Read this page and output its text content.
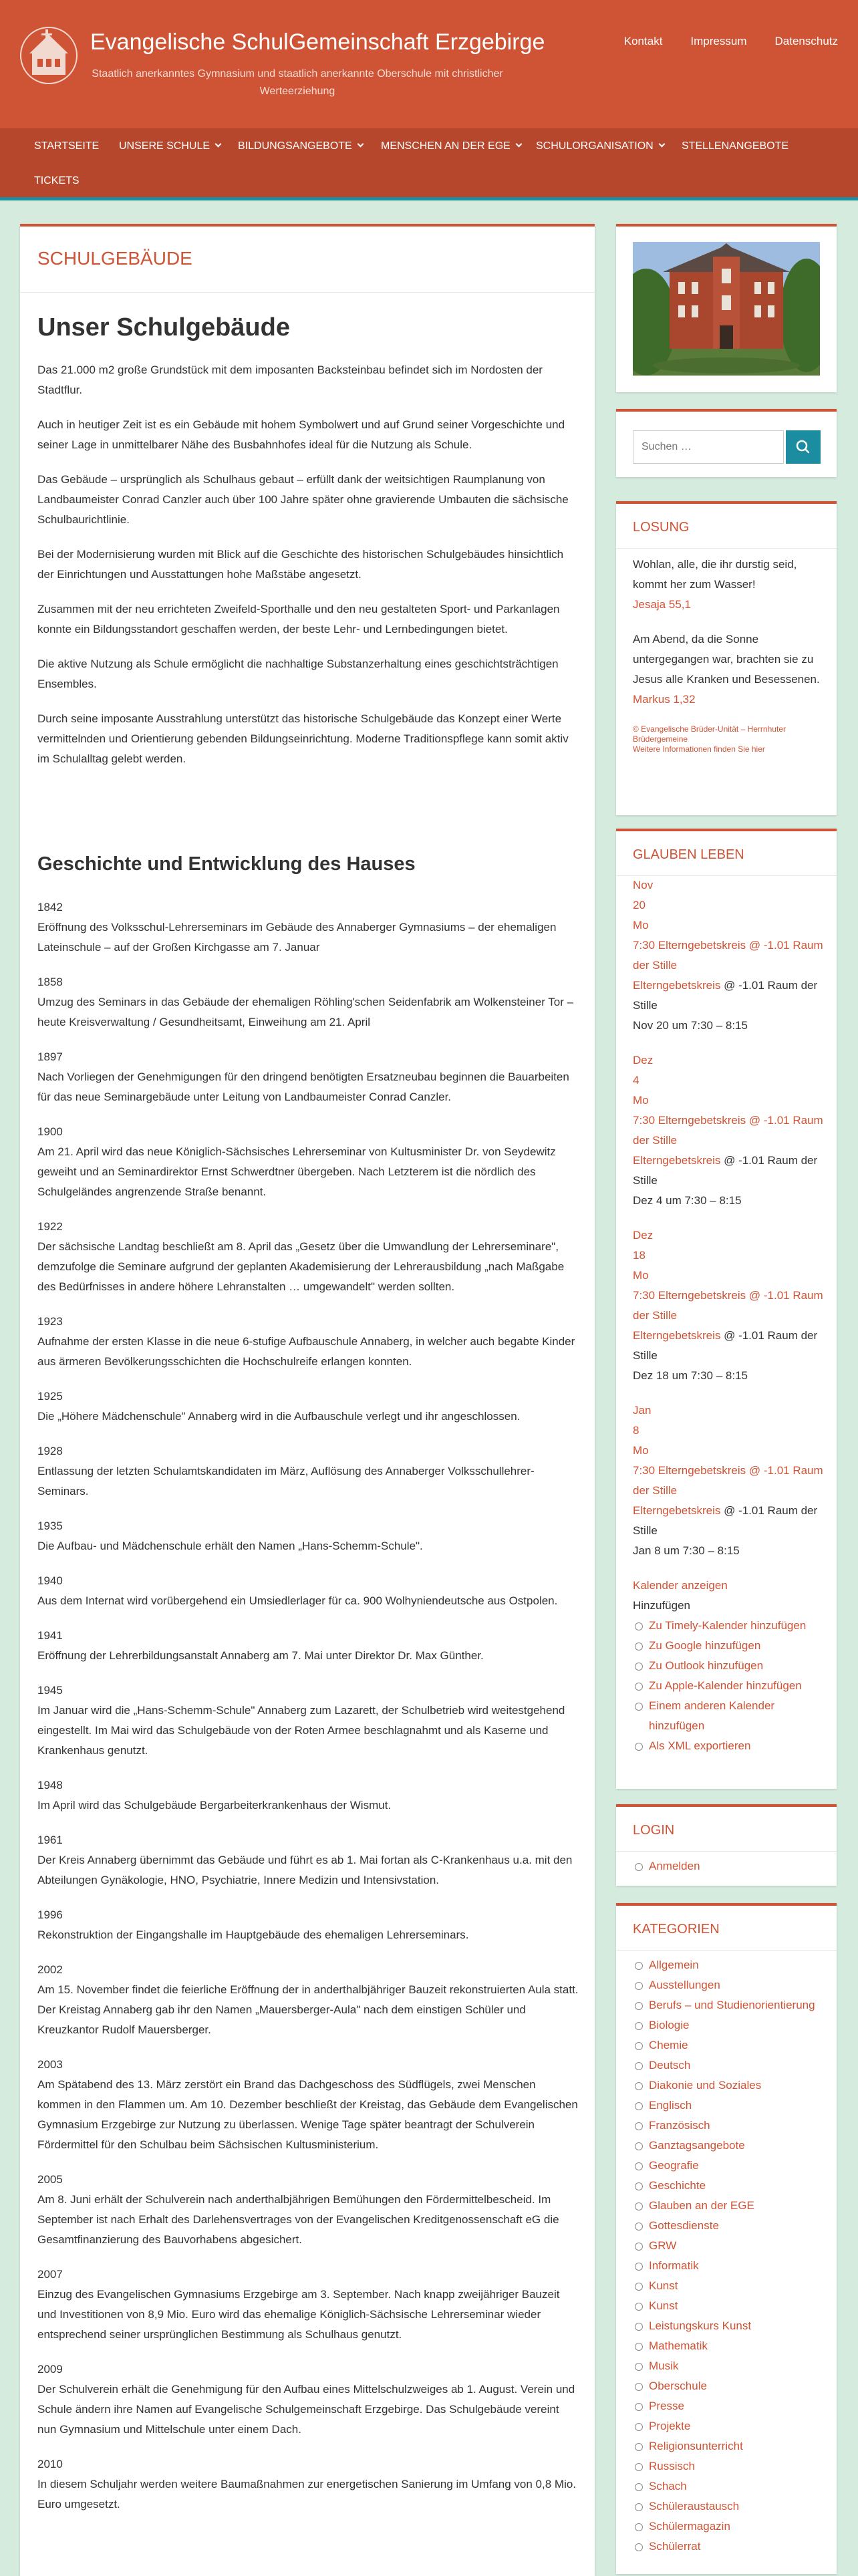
Evangelische SchulGemeinschaft Erzgebirge
Staatlich anerkanntes Gymnasium und staatlich anerkannte Oberschule mit christlicher Werteerziehung
Kontakt Impressum Datenschutz
STARTSEITE UNSERE SCHULE	BILDUNGSANGEBOTE	MENSCHEN AN DER EGE	SCHULORGANISATION	STELLENANGEBOTE
TICKETS
SCHULGEBÄUDE
Unser Schulgebäude

Das 21.000 m2 große Grundstück mit dem imposanten Backsteinbau befindet sich im Nordosten der Stadtflur.

Auch in heutiger Zeit ist es ein Gebäude mit hohem Symbolwert und auf Grund seiner Vorgeschichte und seiner Lage in unmittelbarer Nähe des Busbahnhofes ideal für die Nutzung als Schule.

Das Gebäude – ursprünglich als Schulhaus gebaut – erfüllt dank der weitsichtigen Raumplanung von Landbaumeister Conrad Canzler auch über 100 Jahre später ohne gravierende Umbauten die sächsische Schulbaurichtlinie.

Bei der Modernisierung wurden mit Blick auf die Geschichte des historischen Schulgebäudes hinsichtlich der Einrichtungen und Ausstattungen hohe Maßstäbe angesetzt.

Zusammen mit der neu errichteten Zweifeld-Sporthalle und den neu gestalteten Sport- und Parkanlagen konnte ein Bildungsstandort geschaffen werden, der beste Lehr- und Lernbedingungen bietet.

Die aktive Nutzung als Schule ermöglicht die nachhaltige Substanzerhaltung eines geschichtsträchtigen Ensembles.

Durch seine imposante Ausstrahlung unterstützt das historische Schulgebäude das Konzept einer Werte vermittelnden und Orientierung gebenden Bildungseinrichtung. Moderne Traditionspflege kann somit aktiv im Schulalltag gelebt werden.

Geschichte und Entwicklung des Hauses
1842
Eröffnung des Volksschul-Lehrerseminars im Gebäude des Annaberger Gymnasiums – der ehemaligen Lateinschule – auf der Großen Kirchgasse am 7. Januar
1858
Umzug des Seminars in das Gebäude der ehemaligen Röhling'schen Seidenfabrik am Wolkensteiner Tor – heute Kreisverwaltung / Gesundheitsamt, Einweihung am 21. April
1897
Nach Vorliegen der Genehmigungen für den dringend benötigten Ersatzneubau beginnen die Bauarbeiten für das neue Seminargebäude unter Leitung von Landbaumeister Conrad Canzler.
1900
Am 21. April wird das neue Königlich-Sächsisches Lehrerseminar von Kultusminister Dr. von Seydewitz geweiht und an Seminardirektor Ernst Schwerdtner übergeben. Nach Letzterem ist die nördlich des Schulgeländes angrenzende Straße benannt.
1922
Der sächsische Landtag beschließt am 8. April das „Gesetz über die Umwandlung der Lehrerseminare", demzufolge die Seminare aufgrund der geplanten Akademisierung der Lehrerausbildung „nach Maßgabe des Bedürfnisses in andere höhere Lehranstalten … umgewandelt" werden sollten.
1923
Aufnahme der ersten Klasse in die neue 6-stufige Aufbauschule Annaberg, in welcher auch begabte Kinder aus ärmeren Bevölkerungsschichten die Hochschulreife erlangen konnten.
1925
Die „Höhere Mädchenschule" Annaberg wird in die Aufbauschule verlegt und ihr angeschlossen.
1928
Entlassung der letzten Schulamtskandidaten im März, Auflösung des Annaberger Volksschullehrer-Seminars.
1935
Die Aufbau- und Mädchenschule erhält den Namen „Hans-Schemm-Schule".
1940
Aus dem Internat wird vorübergehend ein Umsiedlerlager für ca. 900 Wolhyniendeutsche aus Ostpolen.
1941
Eröffnung der Lehrerbildungsanstalt Annaberg am 7. Mai unter Direktor Dr. Max Günther.
1945
Im Januar wird die „Hans-Schemm-Schule" Annaberg zum Lazarett, der Schulbetrieb wird weitestgehend eingestellt. Im Mai wird das Schulgebäude von der Roten Armee beschlagnahmt und als Kaserne und Krankenhaus genutzt.
1948
Im April wird das Schulgebäude Bergarbeiterkrankenhaus der Wismut.
1961
Der Kreis Annaberg übernimmt das Gebäude und führt es ab 1. Mai fortan als C-Krankenhaus u.a. mit den Abteilungen Gynäkologie, HNO, Psychiatrie, Innere Medizin und Intensivstation.
1996
Rekonstruktion der Eingangshalle im Hauptgebäude des ehemaligen Lehrerseminars.
2002
Am 15. November findet die feierliche Eröffnung der in anderthalbjähriger Bauzeit rekonstruierten Aula statt. Der Kreistag Annaberg gab ihr den Namen „Mauersberger-Aula" nach dem einstigen Schüler und Kreuzkantor Rudolf Mauersberger.
2003
Am Spätabend des 13. März zerstört ein Brand das Dachgeschoss des Südflügels, zwei Menschen kommen in den Flammen um. Am 10. Dezember beschließt der Kreistag, das Gebäude dem Evangelischen Gymnasium Erzgebirge zur Nutzung zu überlassen. Wenige Tage später beantragt der Schulverein Fördermittel für den Schulbau beim Sächsischen Kultusministerium.
2005
Am 8. Juni erhält der Schulverein nach anderthalbjährigen Bemühungen den Fördermittelbescheid. Im September ist nach Erhalt des Darlehensvertrages von der Evangelischen Kreditgenossenschaft eG die Gesamtfinanzierung des Bauvorhabens abgesichert.
2007
Einzug des Evangelischen Gymnasiums Erzgebirge am 3. September. Nach knapp zweijähriger Bauzeit und Investitionen von 8,9 Mio. Euro wird das ehemalige Königlich-Sächsische Lehrerseminar wieder entsprechend seiner ursprünglichen Bestimmung als Schulhaus genutzt.
2009
Der Schulverein erhält die Genehmigung für den Aufbau eines Mittelschulzweiges ab 1. August. Verein und Schule ändern ihre Namen auf Evangelische Schulgemeinschaft Erzgebirge. Das Schulgebäude vereint nun Gymnasium und Mittelschule unter einem Dach.
2010
In diesem Schuljahr werden weitere Baumaßnahmen zur energetischen Sanierung im Umfang von 0,8 Mio. Euro umgesetzt.
Suchen …
LOSUNG
Wohlan, alle, die ihr durstig seid, kommt her zum Wasser!
Jesaja 55,1
Am Abend, da die Sonne untergegangen war, brachten sie zu Jesus alle Kranken und Besessenen.
Markus 1,32
© Evangelische Brüder-Unität – Herrnhuter Brüdergemeine
Weitere Informationen finden Sie hier
GLAUBEN LEBEN
Nov
20
Mo
7:30 Elterngebetskreis @ -1.01 Raum der Stille
Elterngebetskreis @ -1.01 Raum der Stille
Nov 20 um 7:30 – 8:15
Dez
4
Mo
7:30 Elterngebetskreis @ -1.01 Raum der Stille
Elterngebetskreis @ -1.01 Raum der Stille
Dez 4 um 7:30 – 8:15
Dez
18
Mo
7:30 Elterngebetskreis @ -1.01 Raum der Stille
Elterngebetskreis @ -1.01 Raum der Stille
Dez 18 um 7:30 – 8:15
Jan
8
Mo
7:30 Elterngebetskreis @ -1.01 Raum der Stille
Elterngebetskreis @ -1.01 Raum der Stille
Jan 8 um 7:30 – 8:15
Kalender anzeigen
Hinzufügen
Zu Timely-Kalender hinzufügen
Zu Google hinzufügen
Zu Outlook hinzufügen
Zu Apple-Kalender hinzufügen
Einem anderen Kalender hinzufügen
Als XML exportieren
LOGIN
Anmelden
KATEGORIEN
Allgemein
Ausstellungen
Berufs – und Studienorientierung
Biologie
Chemie
Deutsch
Diakonie und Soziales
Englisch
Französisch
Ganztagsangebote
Geografie
Geschichte
Glauben an der EGE
Gottesdienste
GRW
Informatik
Kunst
Kunst
Leistungskurs Kunst
Mathematik
Musik
Oberschule
Presse
Projekte
Religionsunterricht
Russisch
Schach
Schüleraustausch
Schülermagazin
Schülerrat
